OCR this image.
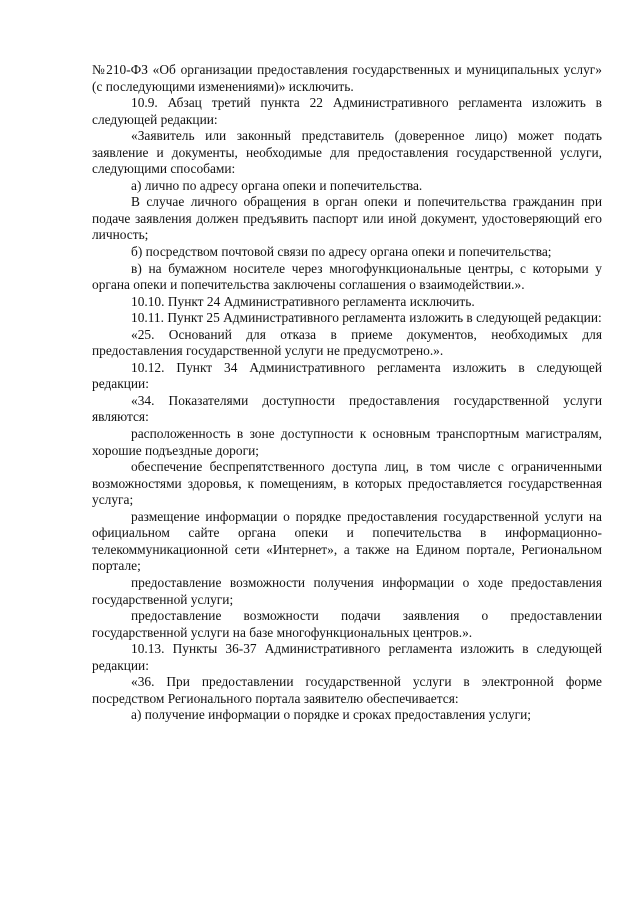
№210-ФЗ «Об организации предоставления государственных и муниципальных услуг» (с последующими изменениями)» исключить.

10.9. Абзац третий пункта 22 Административного регламента изложить в следующей редакции:

«Заявитель или законный представитель (доверенное лицо) может подать заявление и документы, необходимые для предоставления государственной услуги, следующими способами:

а) лично по адресу органа опеки и попечительства.

В случае личного обращения в орган опеки и попечительства гражданин при подаче заявления должен предъявить паспорт или иной документ, удостоверяющий его личность;

б) посредством почтовой связи по адресу органа опеки и попечительства;

в) на бумажном носителе через многофункциональные центры, с которыми у органа опеки и попечительства заключены соглашения о взаимодействии.».

10.10. Пункт 24 Административного регламента исключить.

10.11. Пункт 25 Административного регламента изложить в следующей редакции:

«25. Оснований для отказа в приеме документов, необходимых для предоставления государственной услуги не предусмотрено.».

10.12. Пункт 34 Административного регламента изложить в следующей редакции:

«34. Показателями доступности предоставления государственной услуги являются:

расположенность в зоне доступности к основным транспортным магистралям, хорошие подъездные дороги;

обеспечение беспрепятственного доступа лиц, в том числе с ограниченными возможностями здоровья, к помещениям, в которых предоставляется государственная услуга;

размещение информации о порядке предоставления государственной услуги на официальном сайте органа опеки и попечительства в информационно-телекоммуникационной сети «Интернет», а также на Едином портале, Региональном портале;

предоставление возможности получения информации о ходе предоставления государственной услуги;

предоставление возможности подачи заявления о предоставлении государственной услуги на базе многофункциональных центров.».

10.13. Пункты 36-37 Административного регламента изложить в следующей редакции:

«36. При предоставлении государственной услуги в электронной форме посредством Регионального портала заявителю обеспечивается:

а) получение информации о порядке и сроках предоставления услуги;
